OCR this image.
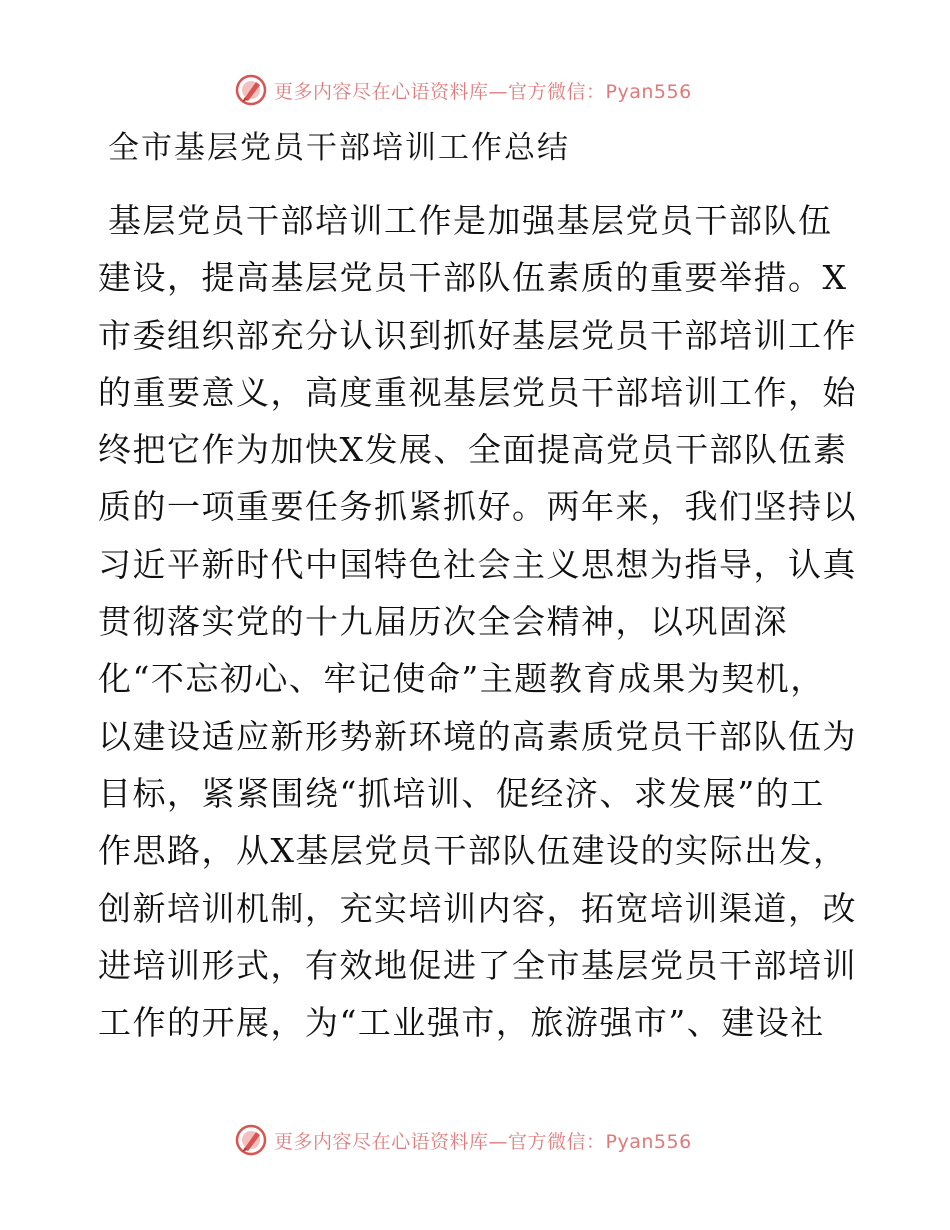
更多内容尽在心语资料库—官方微信：Pyan556
全市基层党员干部培训工作总结
基层党员干部培训工作是加强基层党员干部队伍
建设，提高基层党员干部队伍素质的重要举措。X
市委组织部充分认识到抓好基层党员干部培训工作
的重要意义，高度重视基层党员干部培训工作，始
终把它作为加快X发展、全面提高党员干部队伍素
质的一项重要任务抓紧抓好。两年来，我们坚持以
习近平新时代中国特色社会主义思想为指导，认真
贯彻落实党的十九届历次全会精神，以巩固深
化“不忘初心、牢记使命”主题教育成果为契机，
以建设适应新形势新环境的高素质党员干部队伍为
目标，紧紧围绕“抓培训、促经济、求发展”的工
作思路，从X基层党员干部队伍建设的实际出发，
创新培训机制，充实培训内容，拓宽培训渠道，改
进培训形式，有效地促进了全市基层党员干部培训
工作的开展，为“工业强市，旅游强市”、建设社
更多内容尽在心语资料库—官方微信：Pyan556
